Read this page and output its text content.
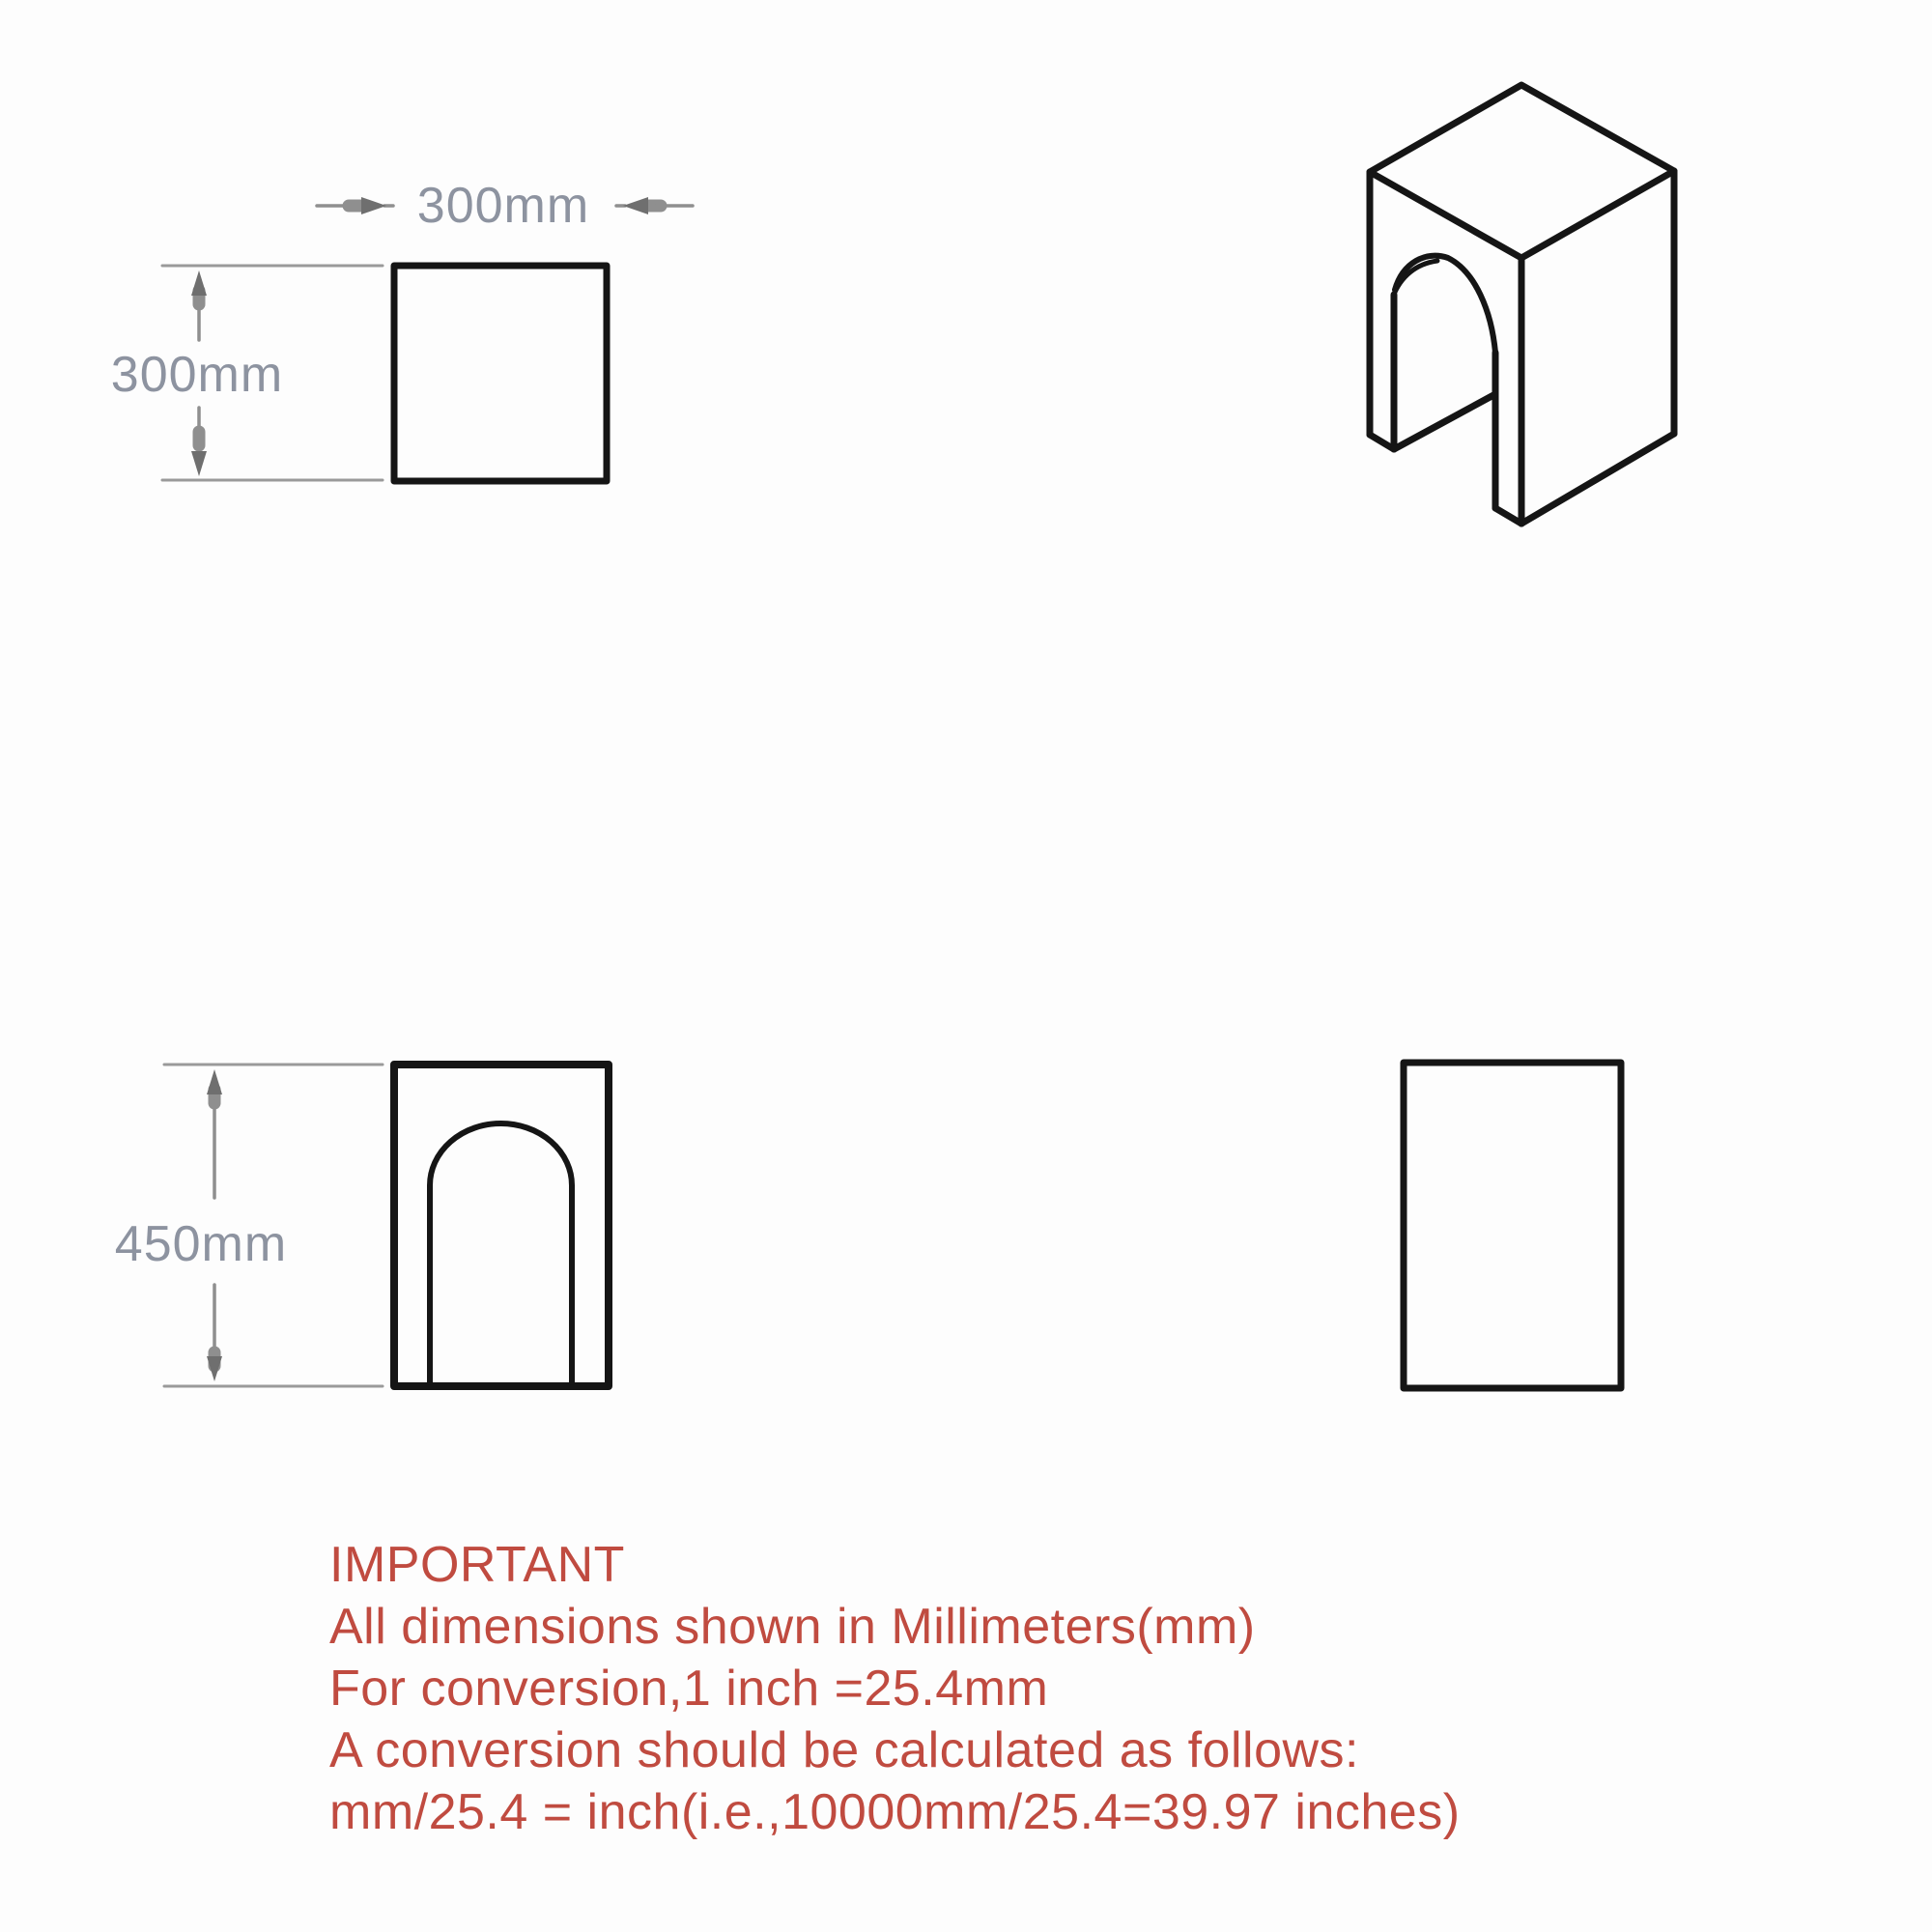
300mm
300mm
450mm
IMPORTANT
All dimensions shown in Millimeters(mm)
For conversion,1 inch =25.4mm
A conversion should be calculated as follows:
mm/25.4 = inch(i.e.,10000mm/25.4=39.97 inches)
